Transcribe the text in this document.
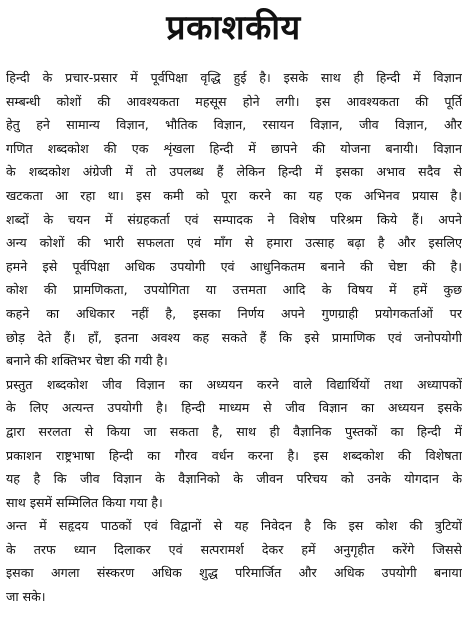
प्रकाशकीय
हिन्दी के प्रचार-प्रसार में पूर्वपिक्षा वृद्धि हुई है। इसके साथ ही हिन्दी में विज्ञान
सम्बन्धी कोशों की आवश्यकता महसूस होने लगी। इस आवश्यकता की पूर्ति
हेतु हने सामान्य विज्ञान, भौतिक विज्ञान, रसायन विज्ञान, जीव विज्ञान, और
गणित शब्दकोश की एक शृंखला हिन्दी में छापने की योजना बनायी। विज्ञान
के शब्दकोश अंग्रेजी में तो उपलब्ध हैं लेकिन हिन्दी में इसका अभाव सदैव से
खटकता आ रहा था। इस कमी को पूरा करने का यह एक अभिनव प्रयास है।
शब्दों के चयन में संग्रहकर्ता एवं सम्पादक ने विशेष परिश्रम किये हैं। अपने
अन्य कोशों की भारी सफलता एवं माँग से हमारा उत्साह बढ़ा है और इसलिए
हमने इसे पूर्वपिक्षा अधिक उपयोगी एवं आधुनिकतम बनाने की चेष्टा की है।
कोश की प्रामणिकता, उपयोगिता या उत्तमता आदि के विषय में हमें कुछ
कहने का अधिकार नहीं है, इसका निर्णय अपने गुणग्राही प्रयोगकर्ताओं पर
छोड़ देते हैं। हाँ, इतना अवश्य कह सकते हैं कि इसे प्रामाणिक एवं जनोपयोगी
बनाने की शक्तिभर चेष्टा की गयी है।
प्रस्तुत शब्दकोश जीव विज्ञान का अध्ययन करने वाले विद्यार्थियों तथा अध्यापकों
के लिए अत्यन्त उपयोगी है। हिन्दी माध्यम से जीव विज्ञान का अध्ययन इसके
द्वारा सरलता से किया जा सकता है, साथ ही वैज्ञानिक पुस्तकों का हिन्दी में
प्रकाशन राष्ट्रभाषा हिन्दी का गौरव वर्धन करना है। इस शब्दकोश की विशेषता
यह है कि जीव विज्ञान के वैज्ञानिको के जीवन परिचय को उनके योगदान के
साथ इसमें सम्मिलित किया गया है।
अन्त में सहृदय पाठकों एवं विद्वानों से यह निवेदन है कि इस कोश की त्रुटियों
के तरफ ध्यान दिलाकर एवं सत्परामर्श देकर हमें अनुगृहीत करेंगे जिससे
इसका अगला संस्करण अधिक शुद्ध परिमार्जित और अधिक उपयोगी बनाया
जा सके।
